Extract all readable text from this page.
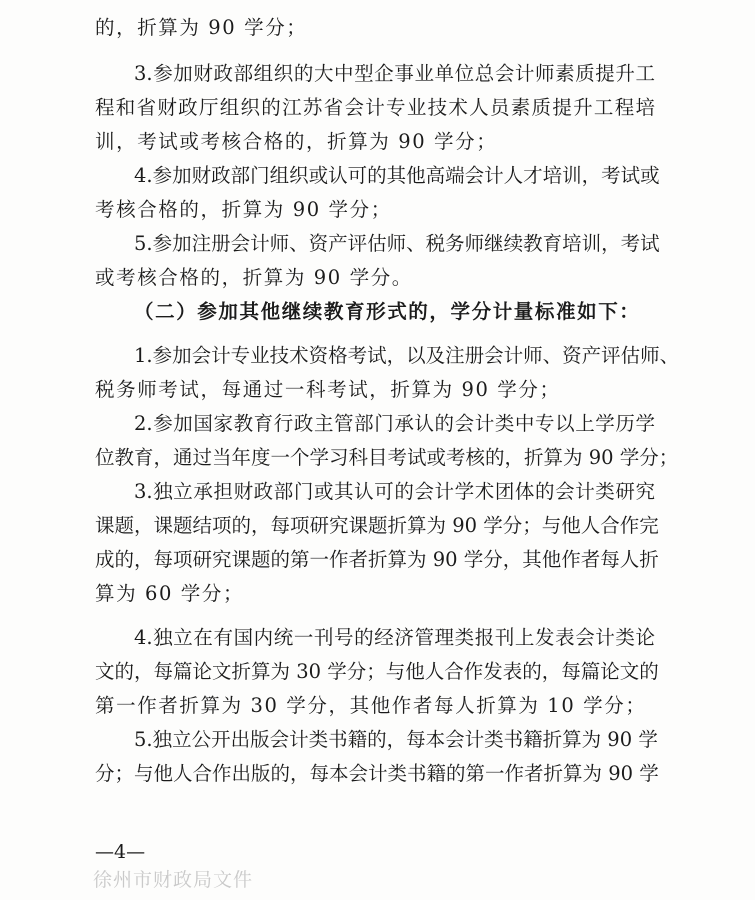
的，折算为 90 学分；
3.参加财政部组织的大中型企事业单位总会计师素质提升工
程和省财政厅组织的江苏省会计专业技术人员素质提升工程培
训，考试或考核合格的，折算为 90 学分；
4.参加财政部门组织或认可的其他高端会计人才培训，考试或
考核合格的，折算为 90 学分；
5.参加注册会计师、资产评估师、税务师继续教育培训，考试
或考核合格的，折算为 90 学分。
（二）参加其他继续教育形式的，学分计量标准如下：
1.参加会计专业技术资格考试，以及注册会计师、资产评估师、
税务师考试，每通过一科考试，折算为 90 学分；
2.参加国家教育行政主管部门承认的会计类中专以上学历学
位教育，通过当年度一个学习科目考试或考核的，折算为 90 学分；
3.独立承担财政部门或其认可的会计学术团体的会计类研究
课题，课题结项的，每项研究课题折算为 90 学分；与他人合作完
成的，每项研究课题的第一作者折算为 90 学分，其他作者每人折
算为 60 学分；
4.独立在有国内统一刊号的经济管理类报刊上发表会计类论
文的，每篇论文折算为 30 学分；与他人合作发表的，每篇论文的
第一作者折算为 30 学分，其他作者每人折算为 10 学分；
5.独立公开出版会计类书籍的，每本会计类书籍折算为 90 学
分；与他人合作出版的，每本会计类书籍的第一作者折算为 90 学
—4—
徐州市财政局文件
